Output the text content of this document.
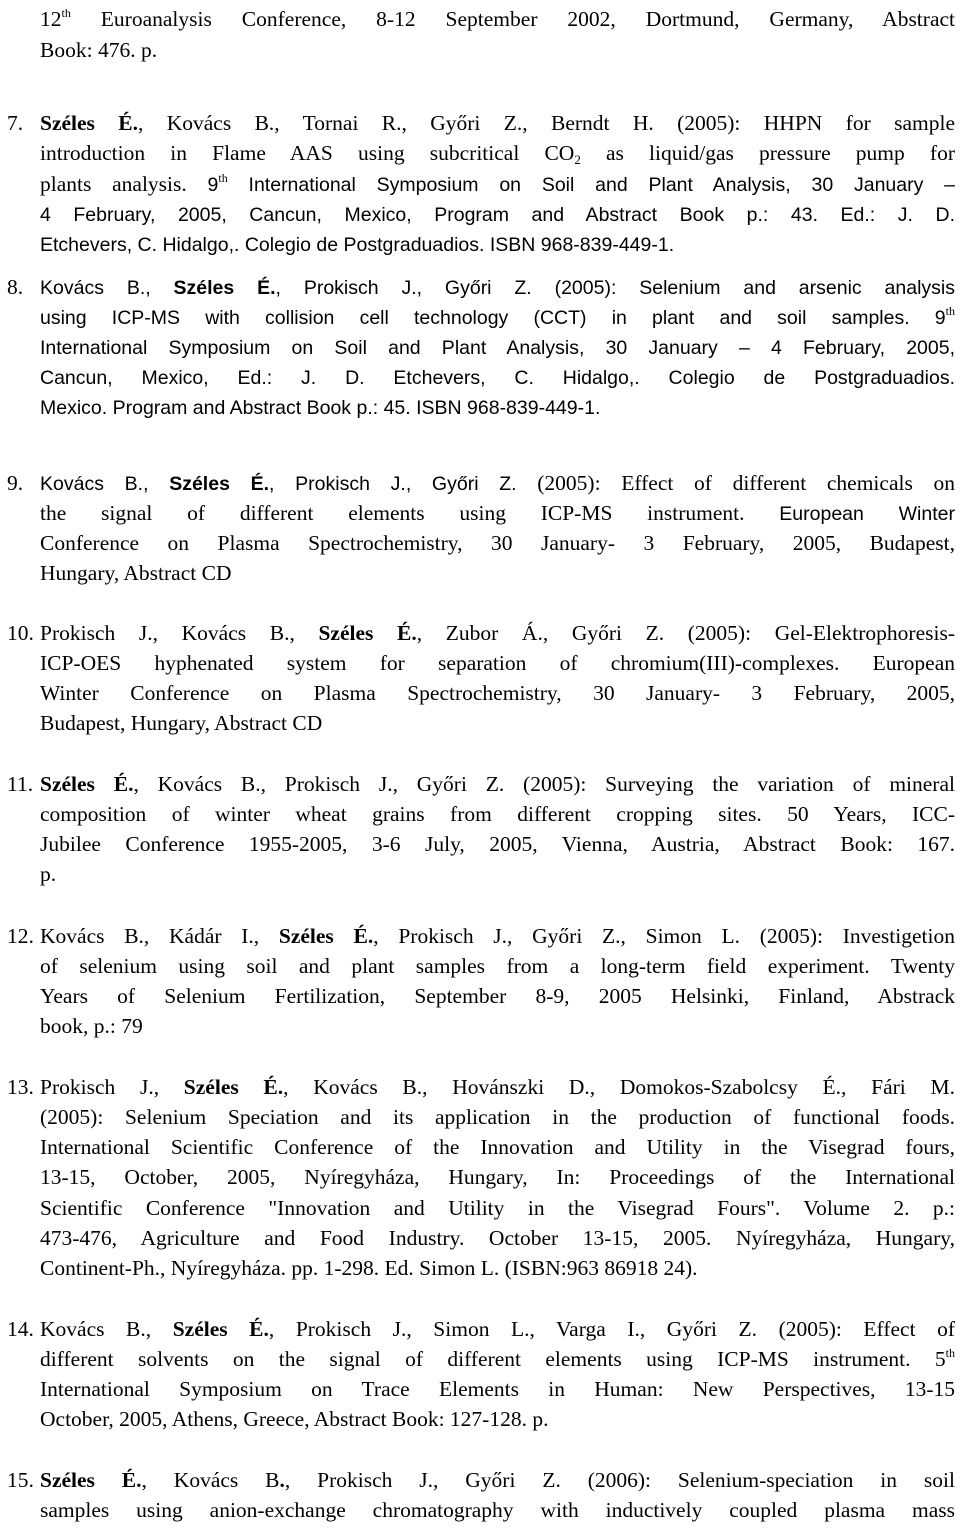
12th Euroanalysis Conference, 8-12 September 2002, Dortmund, Germany, Abstract
Book: 476. p.
7. Széles É., Kovács B., Tornai R., Győri Z., Berndt H. (2005): HHPN for sample
introduction in Flame AAS using subcritical $CO_2$ as liquid/gas pressure pump for
plants analysis. 9th International Symposium on Soil and Plant Analysis, 30 January –
4 February, 2005, Cancun, Mexico, Program and Abstract Book p.: 43. Ed.: J. D.
Etchevers, C. Hidalgo,. Colegio de Postgraduadios. ISBN 968-839-449-1.
8. Kovács B., Széles É., Prokisch J., Győri Z. (2005): Selenium and arsenic analysis
using ICP-MS with collision cell technology (CCT) in plant and soil samples. 9th
International Symposium on Soil and Plant Analysis, 30 January – 4 February, 2005,
Cancun, Mexico, Ed.: J. D. Etchevers, C. Hidalgo,. Colegio de Postgraduadios.
Mexico. Program and Abstract Book p.: 45. ISBN 968-839-449-1.
9. Kovács B., Széles É., Prokisch J., Győri Z. (2005): Effect of different chemicals on
the signal of different elements using ICP-MS instrument. European Winter
Conference on Plasma Spectrochemistry, 30 January- 3 February, 2005, Budapest,
Hungary, Abstract CD
10. Prokisch J., Kovács B., Széles É., Zubor Á., Győri Z. (2005): Gel-Elektrophoresis-
ICP-OES hyphenated system for separation of chromium(III)-complexes. European
Winter Conference on Plasma Spectrochemistry, 30 January- 3 February, 2005,
Budapest, Hungary, Abstract CD
11. Széles É., Kovács B., Prokisch J., Győri Z. (2005): Surveying the variation of mineral
composition of winter wheat grains from different cropping sites. 50 Years, ICC-
Jubilee Conference 1955-2005, 3-6 July, 2005, Vienna, Austria, Abstract Book: 167.
p.
12. Kovács B., Kádár I., Széles É., Prokisch J., Győri Z., Simon L. (2005): Investigetion
of selenium using soil and plant samples from a long-term field experiment. Twenty
Years of Selenium Fertilization, September 8-9, 2005 Helsinki, Finland, Abstrack
book, p.: 79
13. Prokisch J., Széles É., Kovács B., Hovánszki D., Domokos-Szabolcsy É., Fári M.
(2005): Selenium Speciation and its application in the production of functional foods.
International Scientific Conference of the Innovation and Utility in the Visegrad fours,
13-15, October, 2005, Nyíregyháza, Hungary, In: Proceedings of the International
Scientific Conference "Innovation and Utility in the Visegrad Fours". Volume 2. p.:
473-476, Agriculture and Food Industry. October 13-15, 2005. Nyíregyháza, Hungary,
Continent-Ph., Nyíregyháza. pp. 1-298. Ed. Simon L. (ISBN:963 86918 24).
14. Kovács B., Széles É., Prokisch J., Simon L., Varga I., Győri Z. (2005): Effect of
different solvents on the signal of different elements using ICP-MS instrument. 5th
International Symposium on Trace Elements in Human: New Perspectives, 13-15
October, 2005, Athens, Greece, Abstract Book: 127-128. p.
15. Széles É., Kovács B., Prokisch J., Győri Z. (2006): Selenium-speciation in soil
samples using anion-exchange chromatography with inductively coupled plasma mass
